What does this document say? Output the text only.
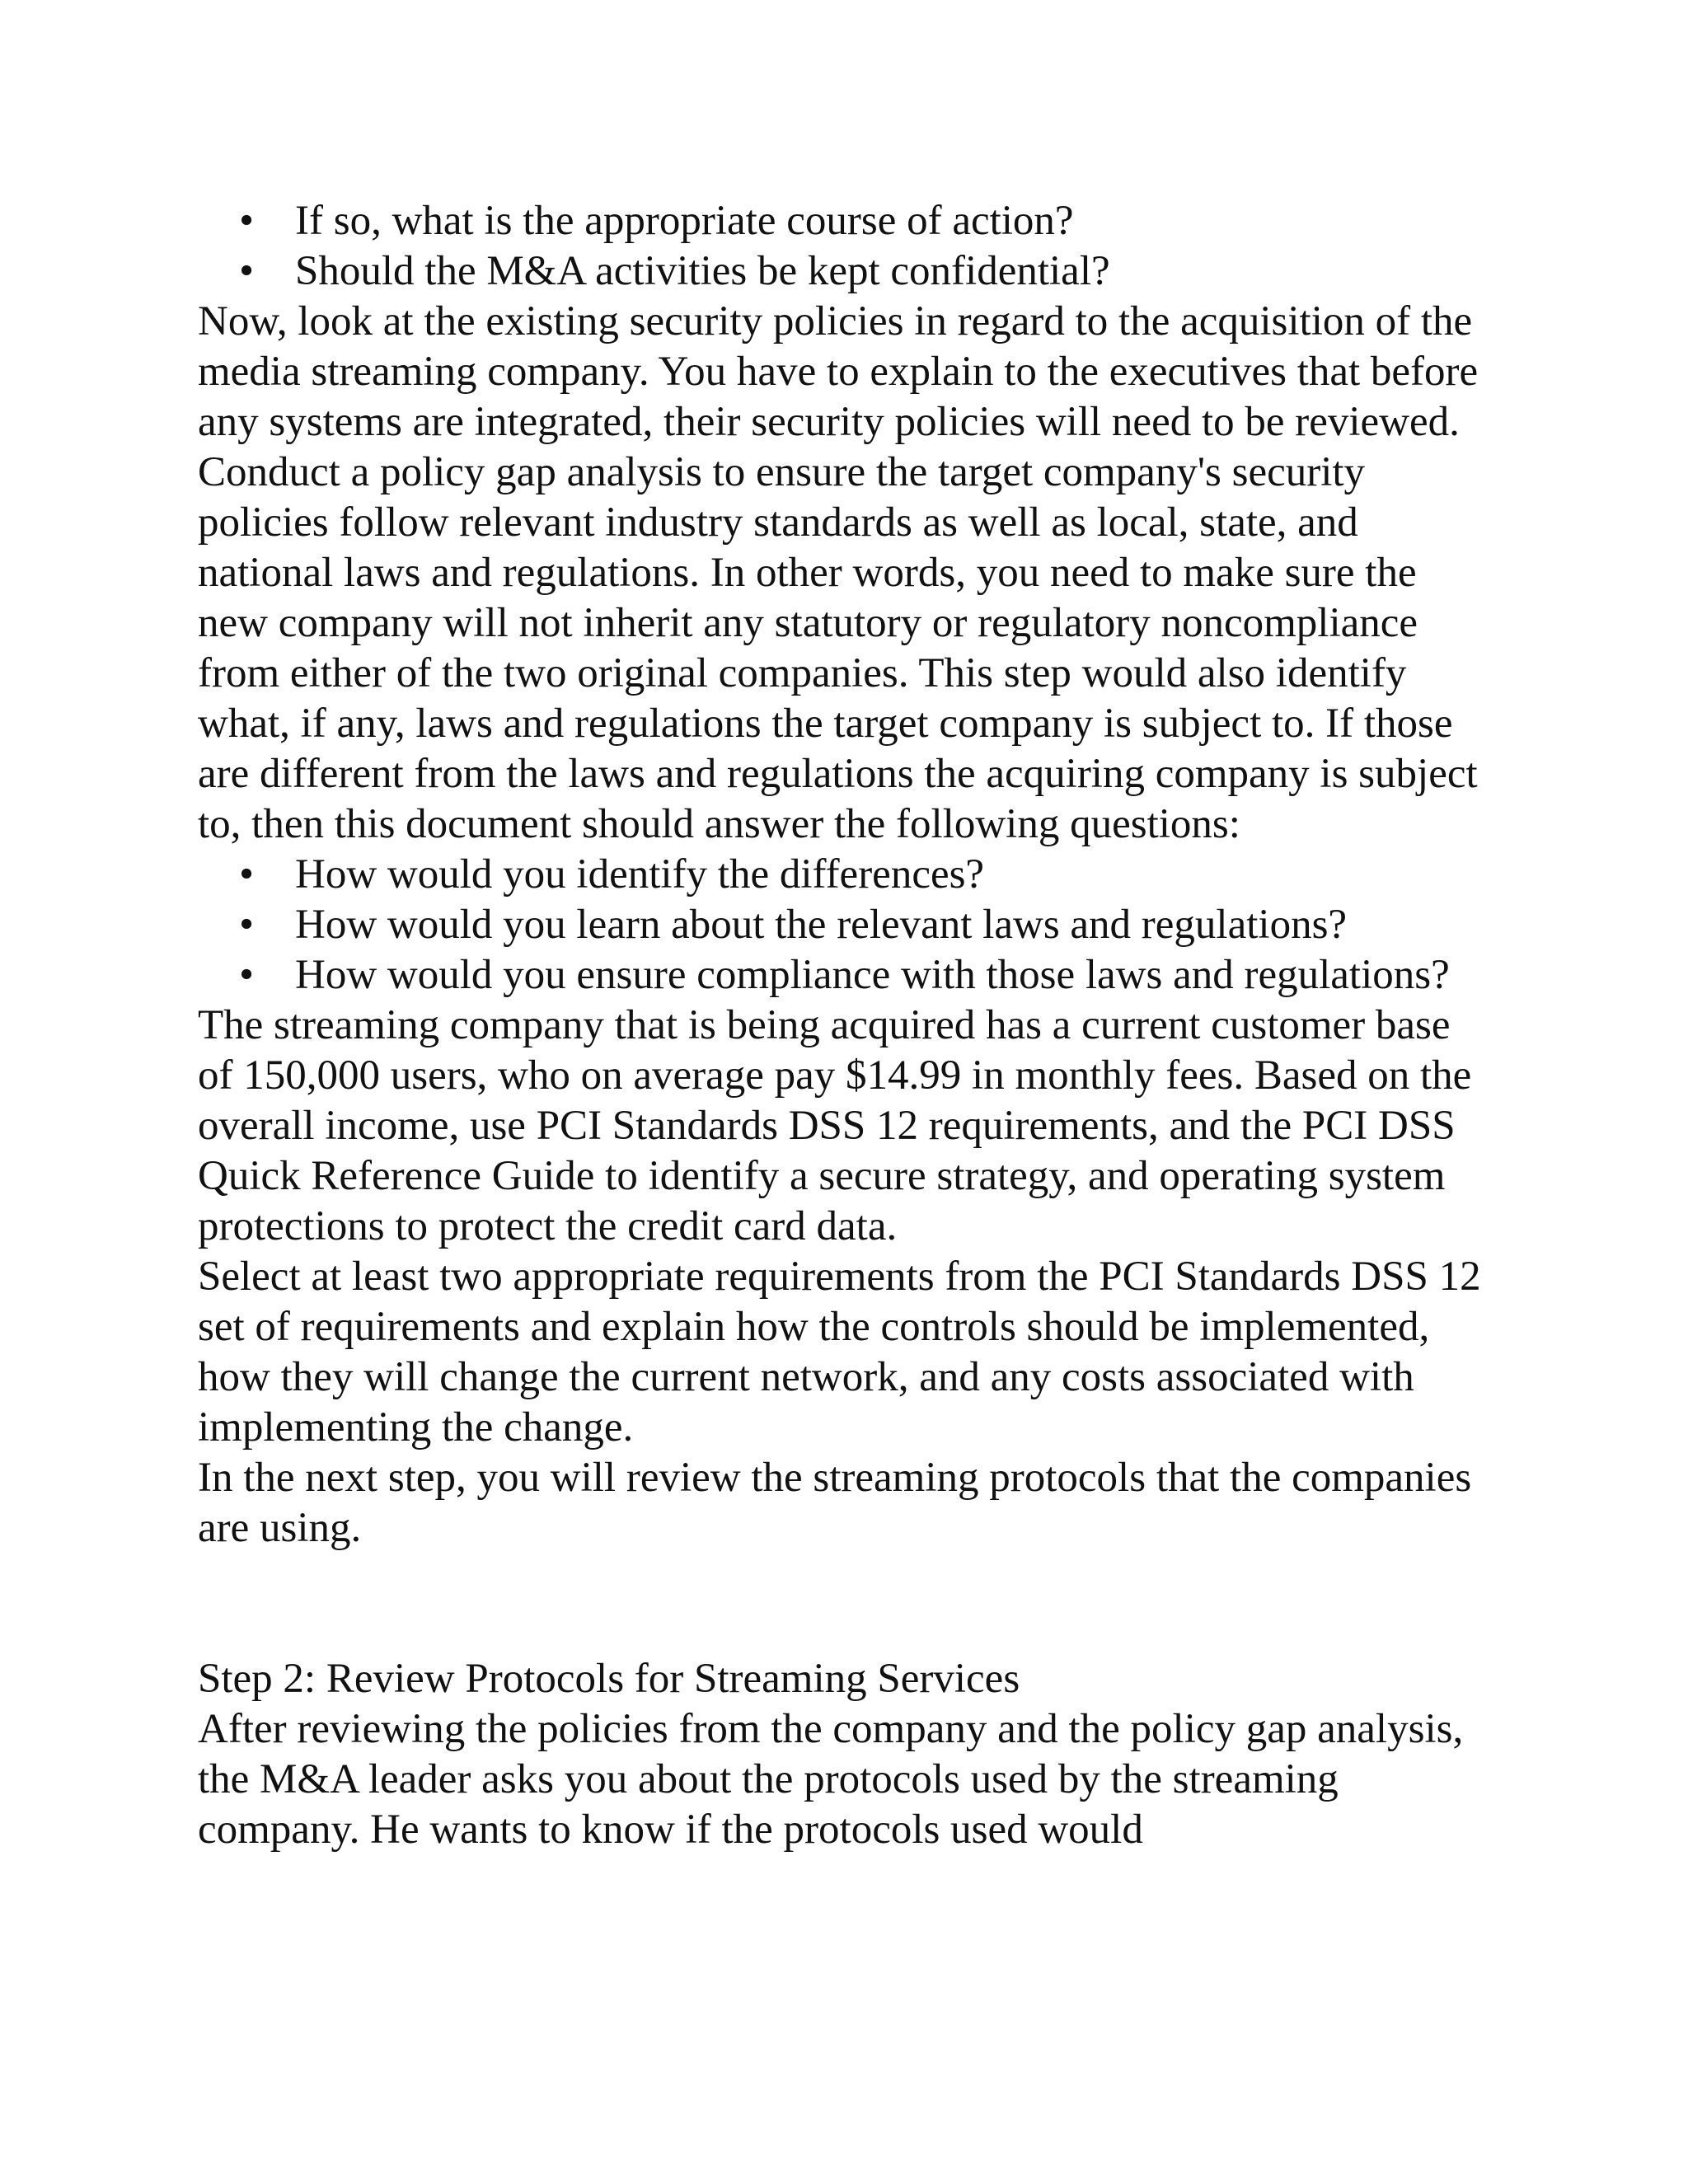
• If so, what is the appropriate course of action?
• Should the M&A activities be kept confidential?

Now, look at the existing security policies in regard to the acquisition of the media streaming company. You have to explain to the executives that before any systems are integrated, their security policies will need to be reviewed.

Conduct a policy gap analysis to ensure the target company's security policies follow relevant industry standards as well as local, state, and national laws and regulations. In other words, you need to make sure the new company will not inherit any statutory or regulatory noncompliance from either of the two original companies. This step would also identify what, if any, laws and regulations the target company is subject to. If those are different from the laws and regulations the acquiring company is subject to, then this document should answer the following questions:

• How would you identify the differences?
• How would you learn about the relevant laws and regulations?
• How would you ensure compliance with those laws and regulations?

The streaming company that is being acquired has a current customer base of 150,000 users, who on average pay $14.99 in monthly fees. Based on the overall income, use PCI Standards DSS 12 requirements, and the PCI DSS Quick Reference Guide to identify a secure strategy, and operating system protections to protect the credit card data.

Select at least two appropriate requirements from the PCI Standards DSS 12 set of requirements and explain how the controls should be implemented, how they will change the current network, and any costs associated with implementing the change.

In the next step, you will review the streaming protocols that the companies are using.

Step 2: Review Protocols for Streaming Services

After reviewing the policies from the company and the policy gap analysis, the M&A leader asks you about the protocols used by the streaming company. He wants to know if the protocols used would
